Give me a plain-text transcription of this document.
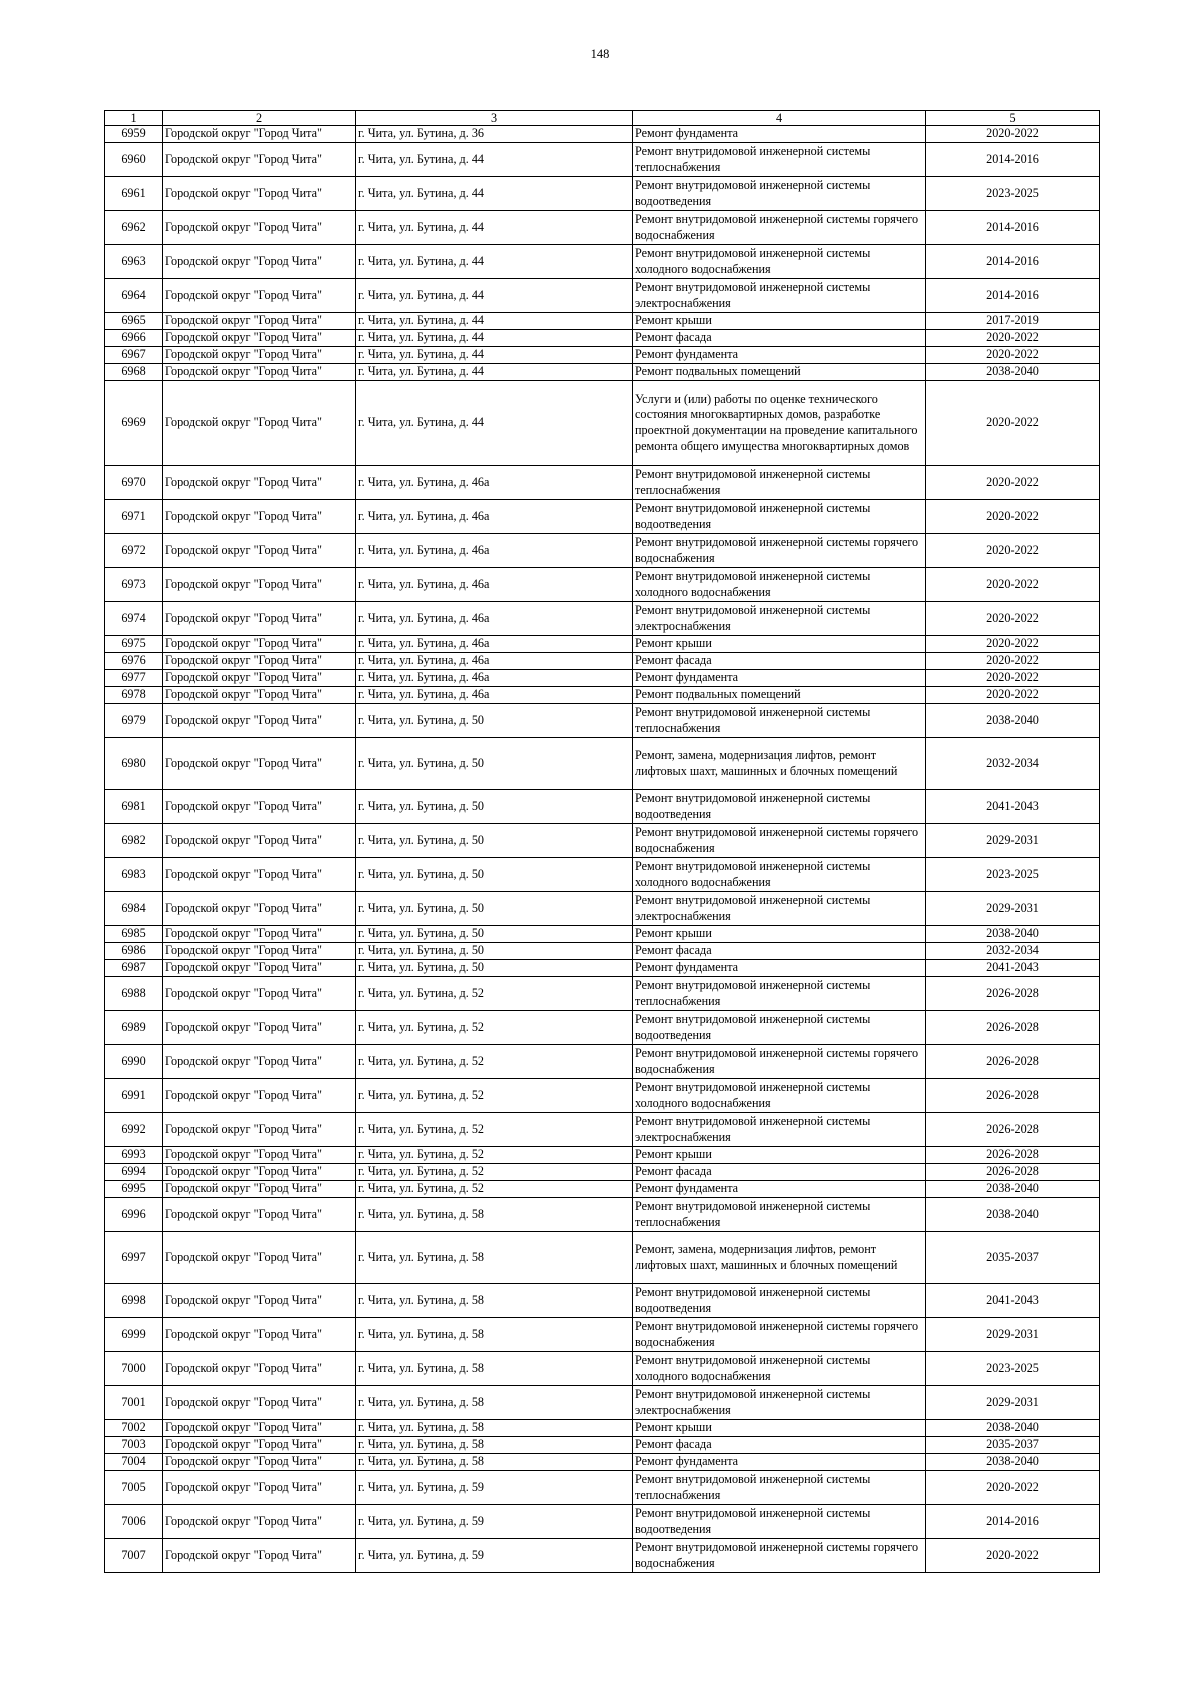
148
1	2	3	4	5
6959	Городской округ "Город Чита"	г. Чита, ул. Бутина, д. 36	Ремонт фундамента	2020-2022
6960	Городской округ "Город Чита"	г. Чита, ул. Бутина, д. 44	Ремонт внутридомовой инженерной системы теплоснабжения	2014-2016
6961	Городской округ "Город Чита"	г. Чита, ул. Бутина, д. 44	Ремонт внутридомовой инженерной системы водоотведения	2023-2025
6962	Городской округ "Город Чита"	г. Чита, ул. Бутина, д. 44	Ремонт внутридомовой инженерной системы горячего водоснабжения	2014-2016
6963	Городской округ "Город Чита"	г. Чита, ул. Бутина, д. 44	Ремонт внутридомовой инженерной системы холодного водоснабжения	2014-2016
6964	Городской округ "Город Чита"	г. Чита, ул. Бутина, д. 44	Ремонт внутридомовой инженерной системы электроснабжения	2014-2016
6965	Городской округ "Город Чита"	г. Чита, ул. Бутина, д. 44	Ремонт крыши	2017-2019
6966	Городской округ "Город Чита"	г. Чита, ул. Бутина, д. 44	Ремонт фасада	2020-2022
6967	Городской округ "Город Чита"	г. Чита, ул. Бутина, д. 44	Ремонт фундамента	2020-2022
6968	Городской округ "Город Чита"	г. Чита, ул. Бутина, д. 44	Ремонт подвальных помещений	2038-2040
6969	Городской округ "Город Чита"	г. Чита, ул. Бутина, д. 44	Услуги и (или) работы по оценке технического состояния многоквартирных домов, разработке проектной документации на проведение капитального ремонта общего имущества многоквартирных домов	2020-2022
6970	Городской округ "Город Чита"	г. Чита, ул. Бутина, д. 46а	Ремонт внутридомовой инженерной системы теплоснабжения	2020-2022
6971	Городской округ "Город Чита"	г. Чита, ул. Бутина, д. 46а	Ремонт внутридомовой инженерной системы водоотведения	2020-2022
6972	Городской округ "Город Чита"	г. Чита, ул. Бутина, д. 46а	Ремонт внутридомовой инженерной системы горячего водоснабжения	2020-2022
6973	Городской округ "Город Чита"	г. Чита, ул. Бутина, д. 46а	Ремонт внутридомовой инженерной системы холодного водоснабжения	2020-2022
6974	Городской округ "Город Чита"	г. Чита, ул. Бутина, д. 46а	Ремонт внутридомовой инженерной системы электроснабжения	2020-2022
6975	Городской округ "Город Чита"	г. Чита, ул. Бутина, д. 46а	Ремонт крыши	2020-2022
6976	Городской округ "Город Чита"	г. Чита, ул. Бутина, д. 46а	Ремонт фасада	2020-2022
6977	Городской округ "Город Чита"	г. Чита, ул. Бутина, д. 46а	Ремонт фундамента	2020-2022
6978	Городской округ "Город Чита"	г. Чита, ул. Бутина, д. 46а	Ремонт подвальных помещений	2020-2022
6979	Городской округ "Город Чита"	г. Чита, ул. Бутина, д. 50	Ремонт внутридомовой инженерной системы теплоснабжения	2038-2040
6980	Городской округ "Город Чита"	г. Чита, ул. Бутина, д. 50	Ремонт, замена, модернизация лифтов, ремонт лифтовых шахт, машинных и блочных помещений	2032-2034
6981	Городской округ "Город Чита"	г. Чита, ул. Бутина, д. 50	Ремонт внутридомовой инженерной системы водоотведения	2041-2043
6982	Городской округ "Город Чита"	г. Чита, ул. Бутина, д. 50	Ремонт внутридомовой инженерной системы горячего водоснабжения	2029-2031
6983	Городской округ "Город Чита"	г. Чита, ул. Бутина, д. 50	Ремонт внутридомовой инженерной системы холодного водоснабжения	2023-2025
6984	Городской округ "Город Чита"	г. Чита, ул. Бутина, д. 50	Ремонт внутридомовой инженерной системы электроснабжения	2029-2031
6985	Городской округ "Город Чита"	г. Чита, ул. Бутина, д. 50	Ремонт крыши	2038-2040
6986	Городской округ "Город Чита"	г. Чита, ул. Бутина, д. 50	Ремонт фасада	2032-2034
6987	Городской округ "Город Чита"	г. Чита, ул. Бутина, д. 50	Ремонт фундамента	2041-2043
6988	Городской округ "Город Чита"	г. Чита, ул. Бутина, д. 52	Ремонт внутридомовой инженерной системы теплоснабжения	2026-2028
6989	Городской округ "Город Чита"	г. Чита, ул. Бутина, д. 52	Ремонт внутридомовой инженерной системы водоотведения	2026-2028
6990	Городской округ "Город Чита"	г. Чита, ул. Бутина, д. 52	Ремонт внутридомовой инженерной системы горячего водоснабжения	2026-2028
6991	Городской округ "Город Чита"	г. Чита, ул. Бутина, д. 52	Ремонт внутридомовой инженерной системы холодного водоснабжения	2026-2028
6992	Городской округ "Город Чита"	г. Чита, ул. Бутина, д. 52	Ремонт внутридомовой инженерной системы электроснабжения	2026-2028
6993	Городской округ "Город Чита"	г. Чита, ул. Бутина, д. 52	Ремонт крыши	2026-2028
6994	Городской округ "Город Чита"	г. Чита, ул. Бутина, д. 52	Ремонт фасада	2026-2028
6995	Городской округ "Город Чита"	г. Чита, ул. Бутина, д. 52	Ремонт фундамента	2038-2040
6996	Городской округ "Город Чита"	г. Чита, ул. Бутина, д. 58	Ремонт внутридомовой инженерной системы теплоснабжения	2038-2040
6997	Городской округ "Город Чита"	г. Чита, ул. Бутина, д. 58	Ремонт, замена, модернизация лифтов, ремонт лифтовых шахт, машинных и блочных помещений	2035-2037
6998	Городской округ "Город Чита"	г. Чита, ул. Бутина, д. 58	Ремонт внутридомовой инженерной системы водоотведения	2041-2043
6999	Городской округ "Город Чита"	г. Чита, ул. Бутина, д. 58	Ремонт внутридомовой инженерной системы горячего водоснабжения	2029-2031
7000	Городской округ "Город Чита"	г. Чита, ул. Бутина, д. 58	Ремонт внутридомовой инженерной системы холодного водоснабжения	2023-2025
7001	Городской округ "Город Чита"	г. Чита, ул. Бутина, д. 58	Ремонт внутридомовой инженерной системы электроснабжения	2029-2031
7002	Городской округ "Город Чита"	г. Чита, ул. Бутина, д. 58	Ремонт крыши	2038-2040
7003	Городской округ "Город Чита"	г. Чита, ул. Бутина, д. 58	Ремонт фасада	2035-2037
7004	Городской округ "Город Чита"	г. Чита, ул. Бутина, д. 58	Ремонт фундамента	2038-2040
7005	Городской округ "Город Чита"	г. Чита, ул. Бутина, д. 59	Ремонт внутридомовой инженерной системы теплоснабжения	2020-2022
7006	Городской округ "Город Чита"	г. Чита, ул. Бутина, д. 59	Ремонт внутридомовой инженерной системы водоотведения	2014-2016
7007	Городской округ "Город Чита"	г. Чита, ул. Бутина, д. 59	Ремонт внутридомовой инженерной системы горячего водоснабжения	2020-2022
